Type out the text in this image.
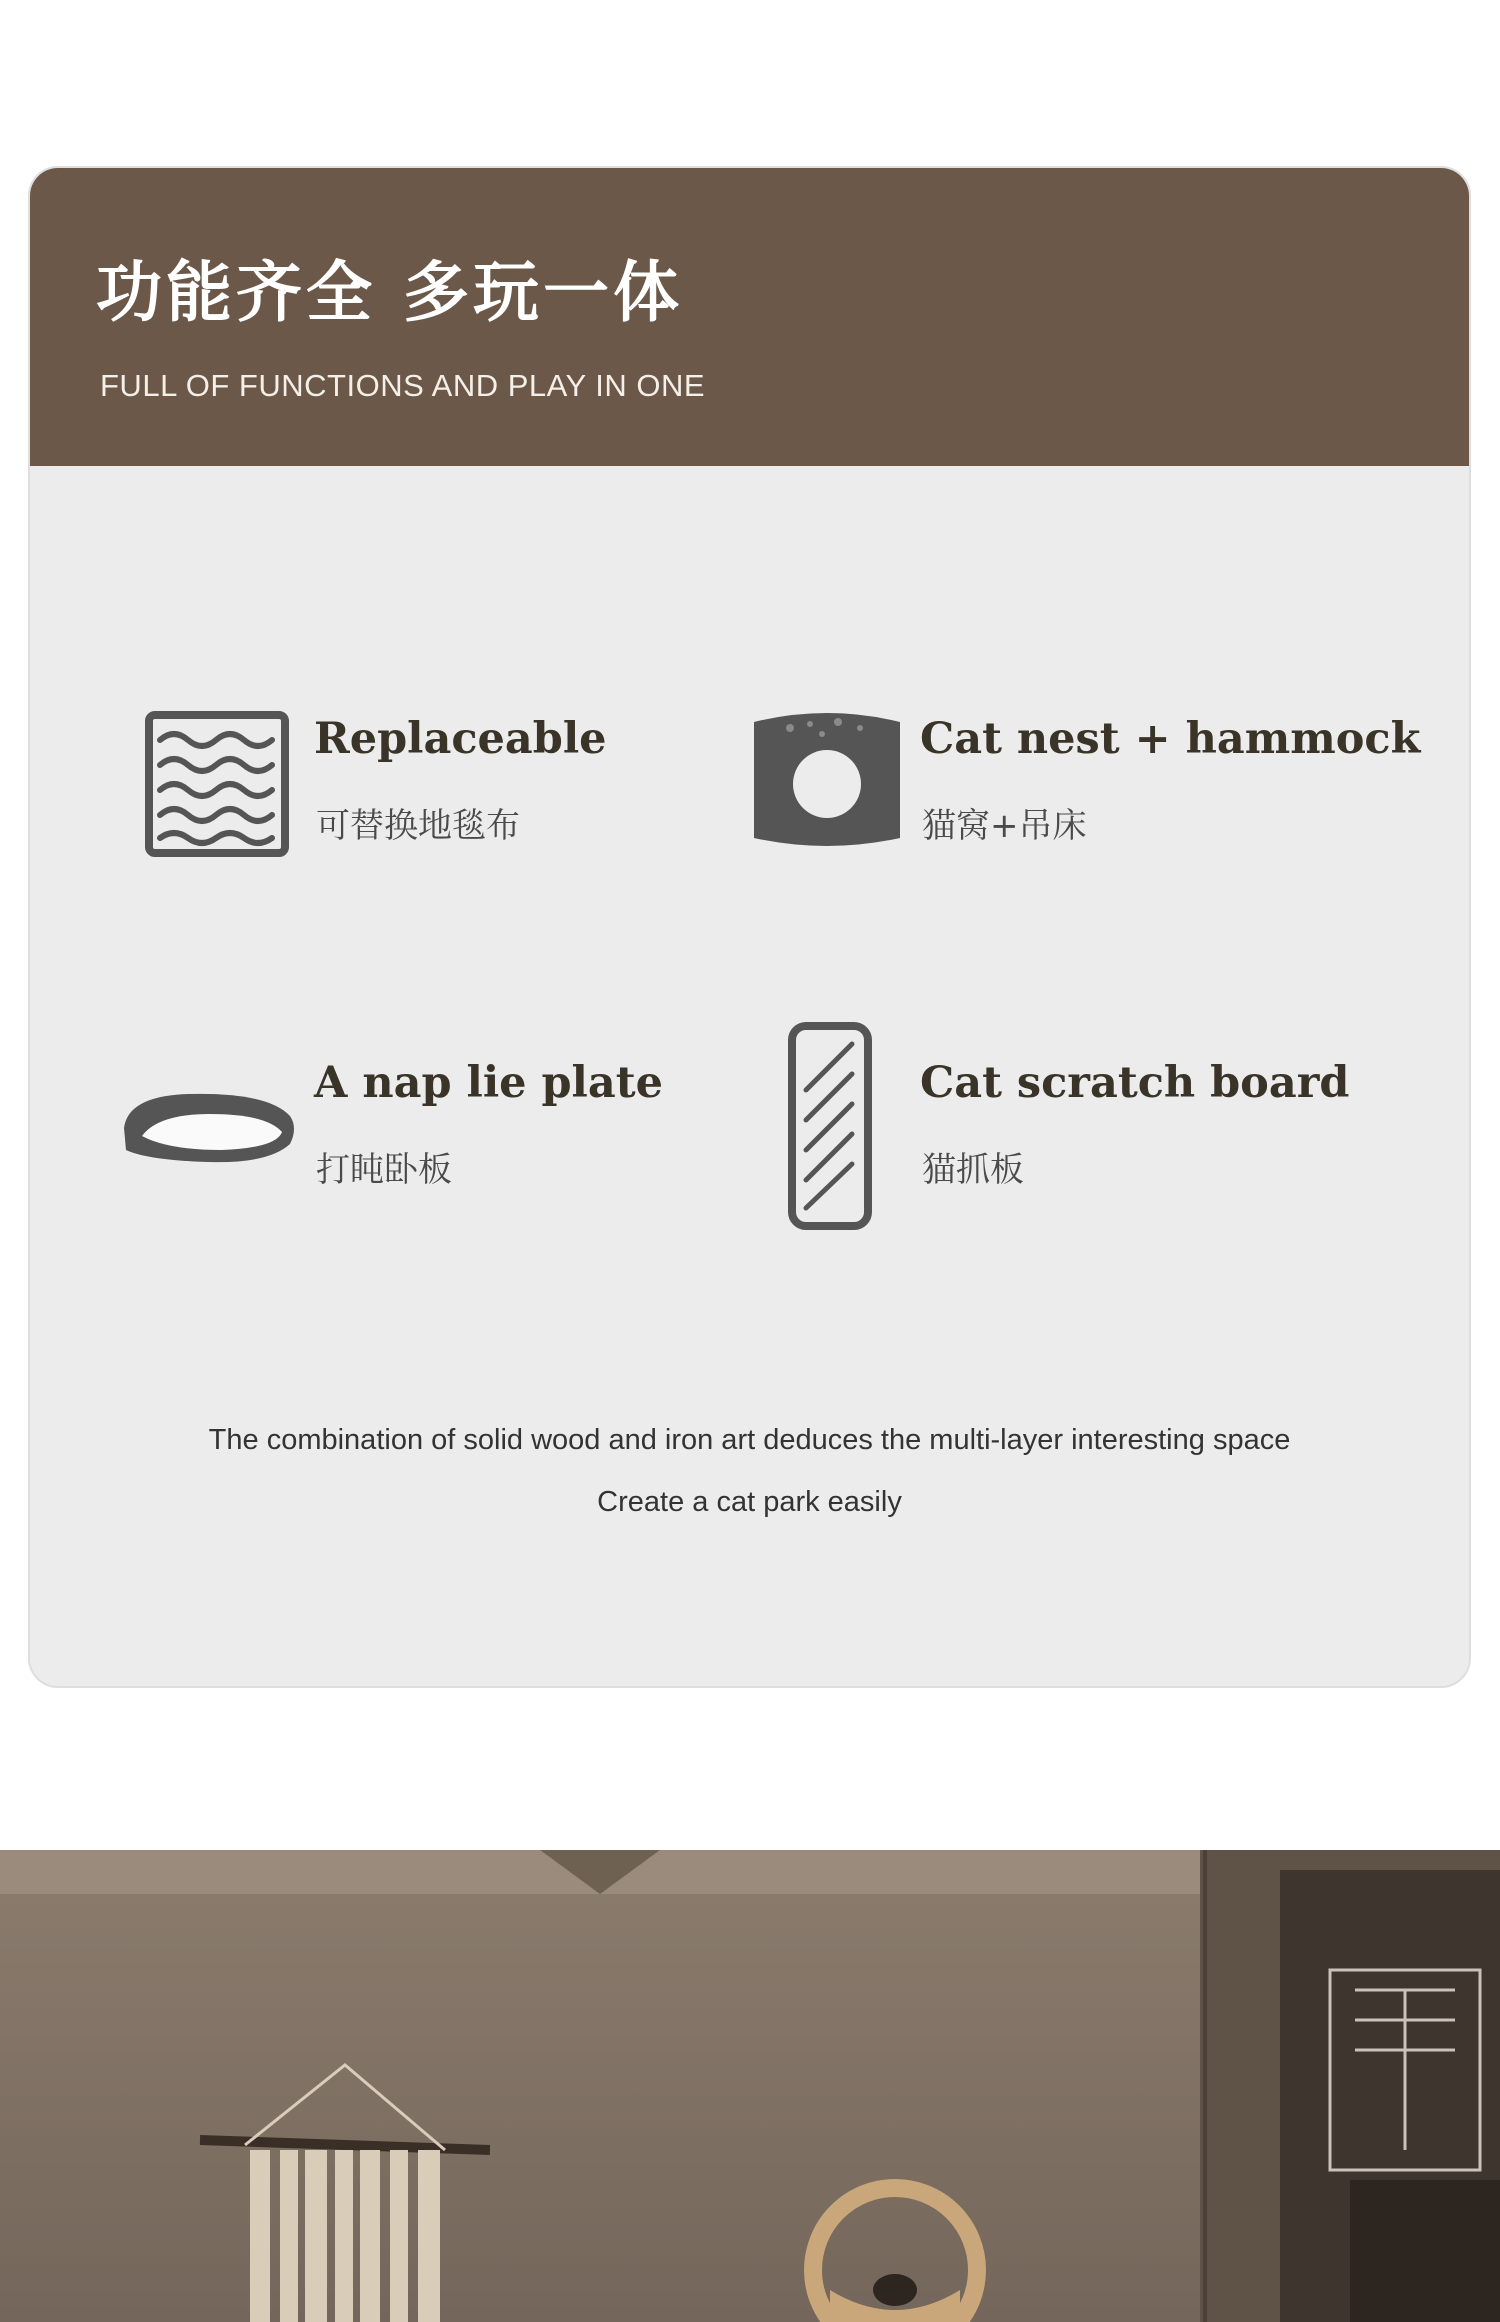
功能齐全 多玩一体
FULL OF FUNCTIONS AND PLAY IN ONE
Replaceable
可替换地毯布
Cat nest + hammock
猫窝+吊床
A nap lie plate
打盹卧板
Cat scratch board
猫抓板
The combination of solid wood and iron art deduces the multi-layer interesting space
Create a cat park easily
